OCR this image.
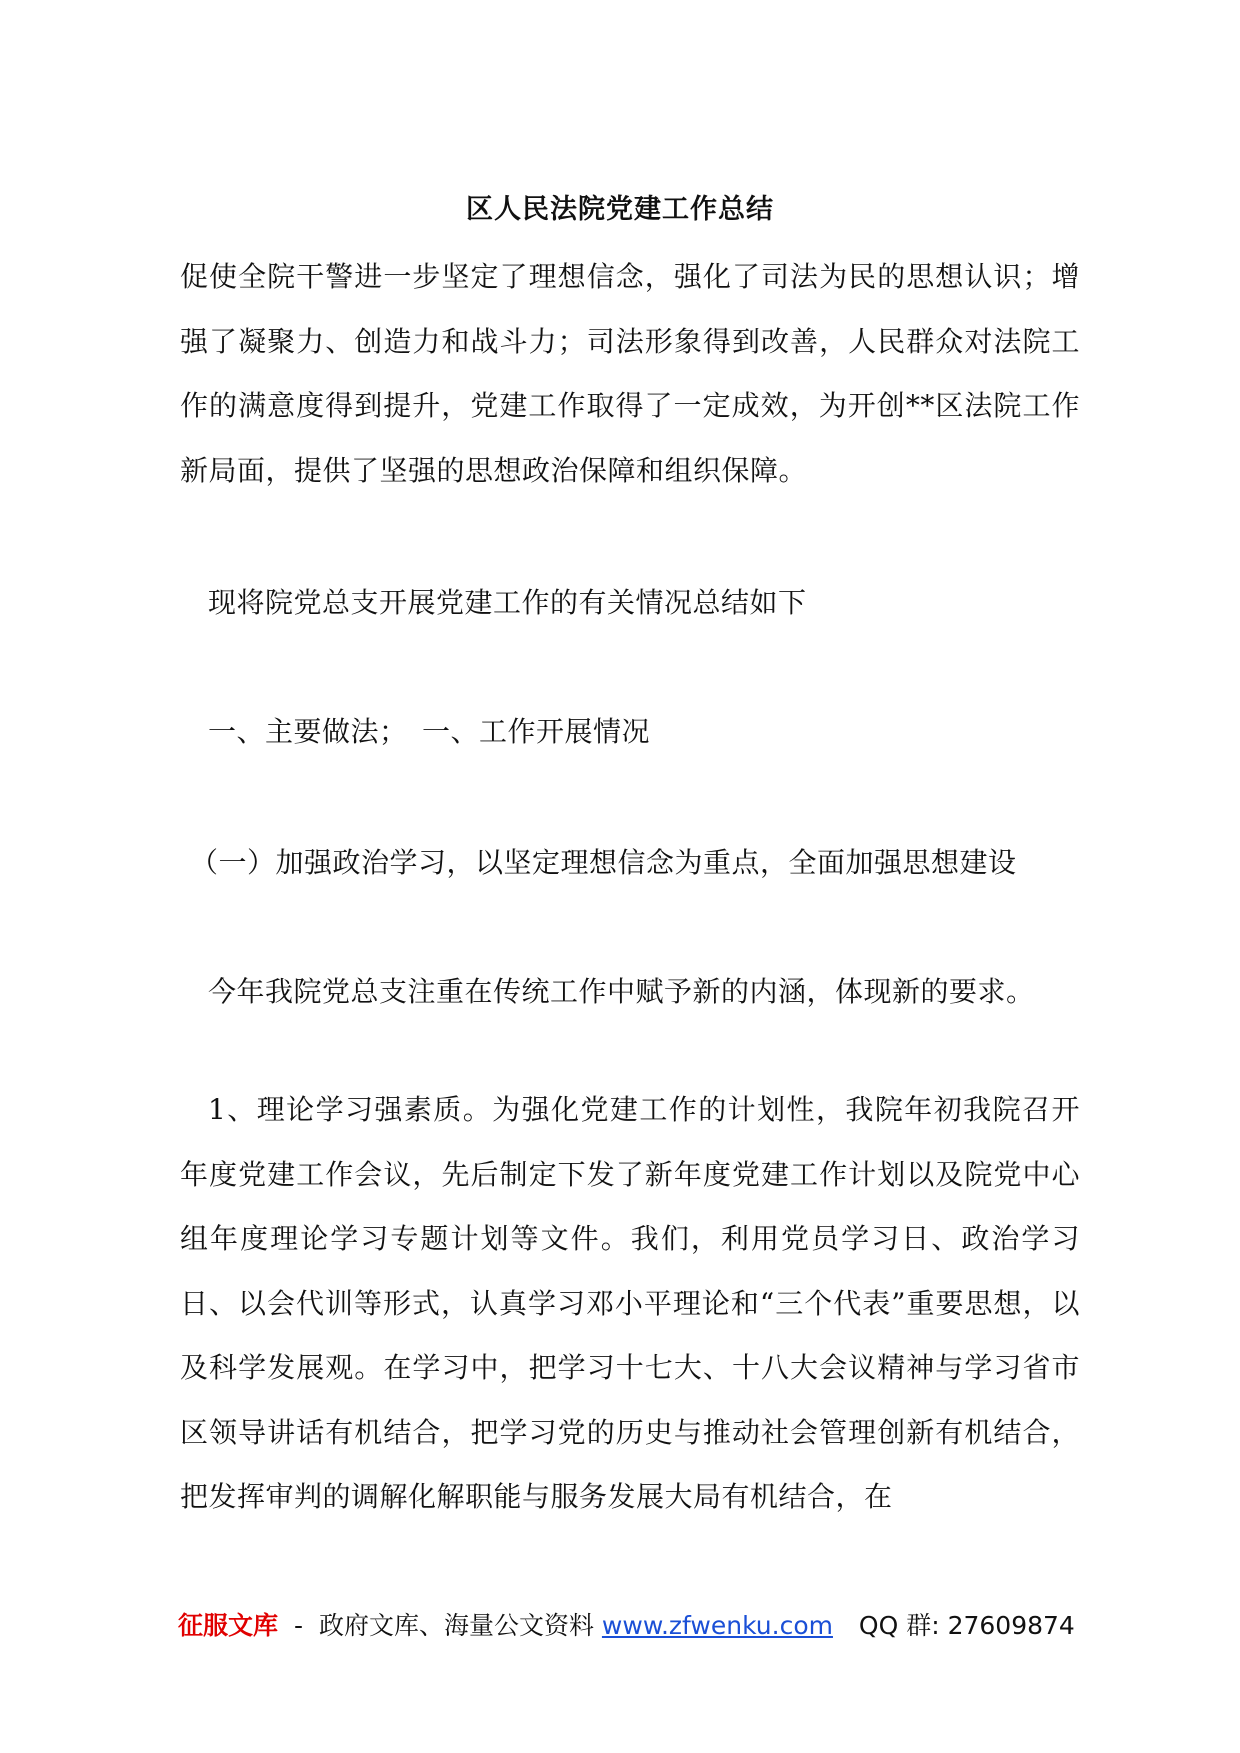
区人民法院党建工作总结
促使全院干警进一步坚定了理想信念，强化了司法为民的思想认识；增强了凝聚力、创造力和战斗力；司法形象得到改善，人民群众对法院工作的满意度得到提升，党建工作取得了一定成效，为开创**区法院工作新局面，提供了坚强的思想政治保障和组织保障。
现将院党总支开展党建工作的有关情况总结如下
一、主要做法；　一、工作开展情况
（一）加强政治学习，以坚定理想信念为重点，全面加强思想建设
今年我院党总支注重在传统工作中赋予新的内涵，体现新的要求。
1、理论学习强素质。为强化党建工作的计划性，我院年初我院召开年度党建工作会议，先后制定下发了新年度党建工作计划以及院党中心组年度理论学习专题计划等文件。我们，利用党员学习日、政治学习日、以会代训等形式，认真学习邓小平理论和“三个代表”重要思想，以及科学发展观。在学习中，把学习十七大、十八大会议精神与学习省市区领导讲话有机结合，把学习党的历史与推动社会管理创新有机结合，把发挥审判的调解化解职能与服务发展大局有机结合，在
征服文库 - 政府文库、海量公文资料 www.zfwenku.com QQ 群: 27609874
